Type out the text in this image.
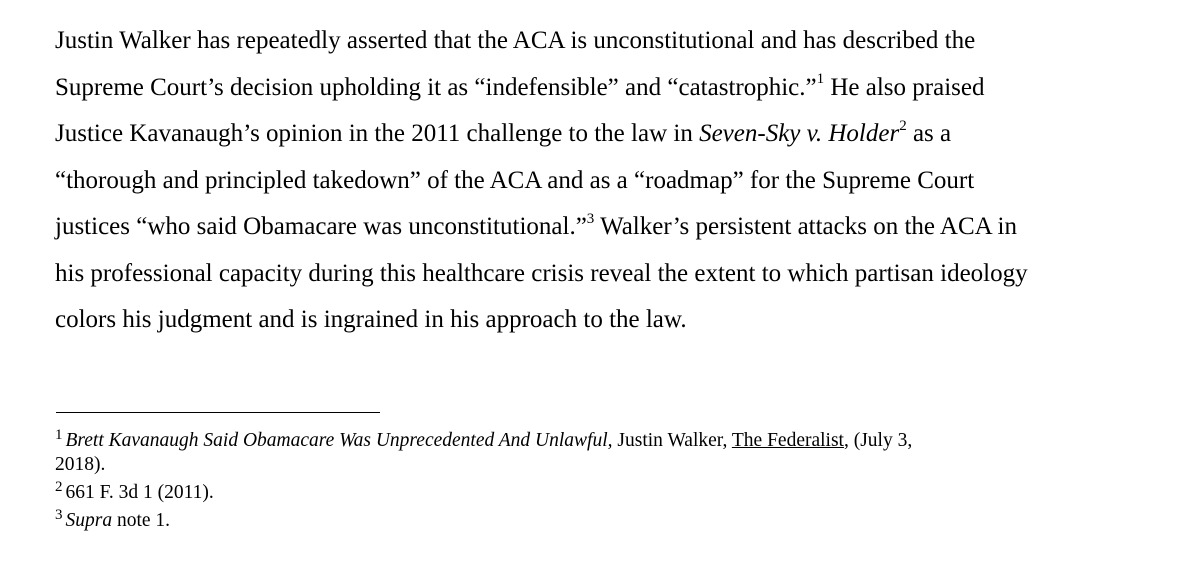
Justin Walker has repeatedly asserted that the ACA is unconstitutional and has described the
Supreme Court’s decision upholding it as “indefensible” and “catastrophic.”$^1$ He also praised
Justice Kavanaugh’s opinion in the 2011 challenge to the law in Seven-Sky v. Holder$^2$ as a
“thorough and principled takedown” of the ACA and as a “roadmap” for the Supreme Court
justices “who said Obamacare was unconstitutional.”$^3$ Walker’s persistent attacks on the ACA in
his professional capacity during this healthcare crisis reveal the extent to which partisan ideology
colors his judgment and is ingrained in his approach to the law.

$^1$ Brett Kavanaugh Said Obamacare Was Unprecedented And Unlawful, Justin Walker, The Federalist, (July 3,
2018).
$^2$ 661 F. 3d 1 (2011).
$^3$ Supra note 1.
